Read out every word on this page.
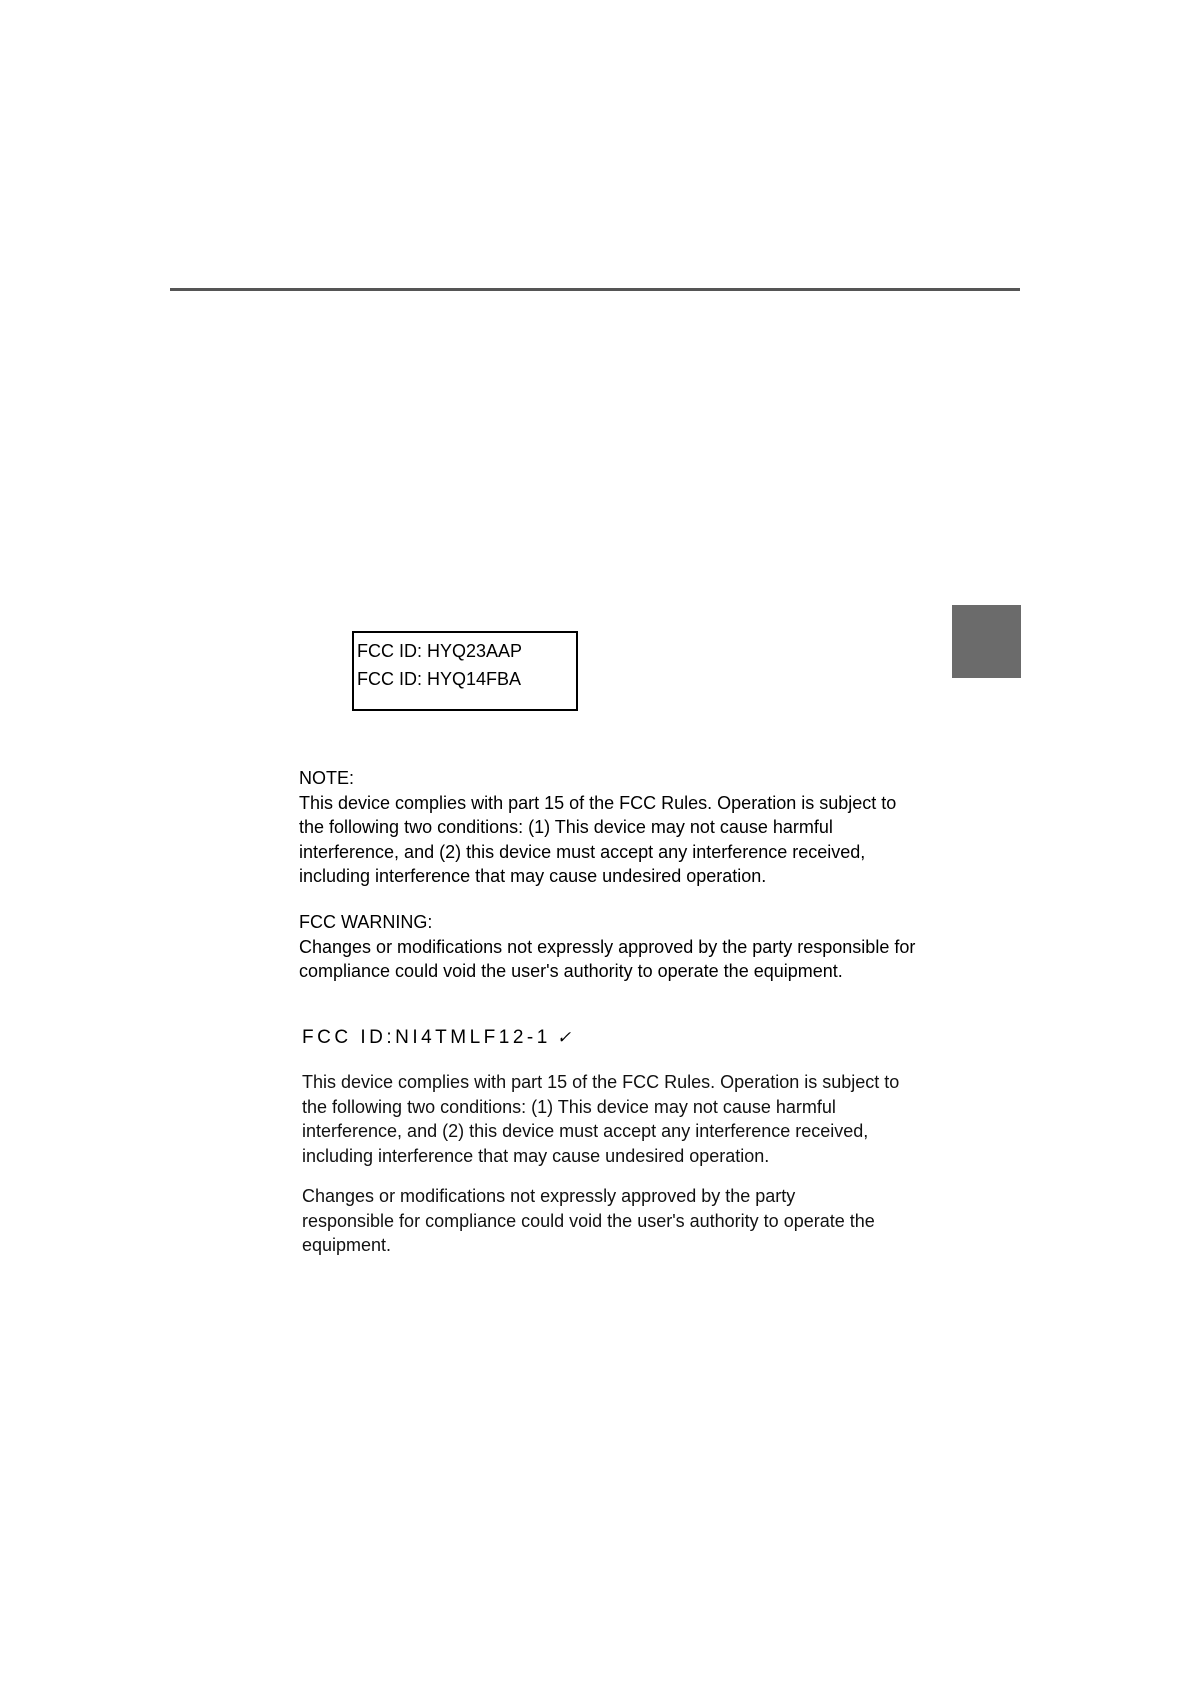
FCC ID: HYQ23AAP
FCC ID: HYQ14FBA
NOTE:
This device complies with part 15 of the FCC Rules. Operation is subject to the following two conditions: (1) This device may not cause harmful interference, and (2) this device must accept any interference received, including interference that may cause undesired operation.
FCC WARNING:
Changes or modifications not expressly approved by the party responsible for compliance could void the user's authority to operate the equipment.
FCC ID:NI4TMLF12-1 ✓
This device complies with part 15 of the FCC Rules. Operation is subject to the following two conditions: (1) This device may not cause harmful interference, and (2) this device must accept any interference received, including interference that may cause undesired operation.
Changes or modifications not expressly approved by the party responsible for compliance could void the user's authority to operate the equipment.
